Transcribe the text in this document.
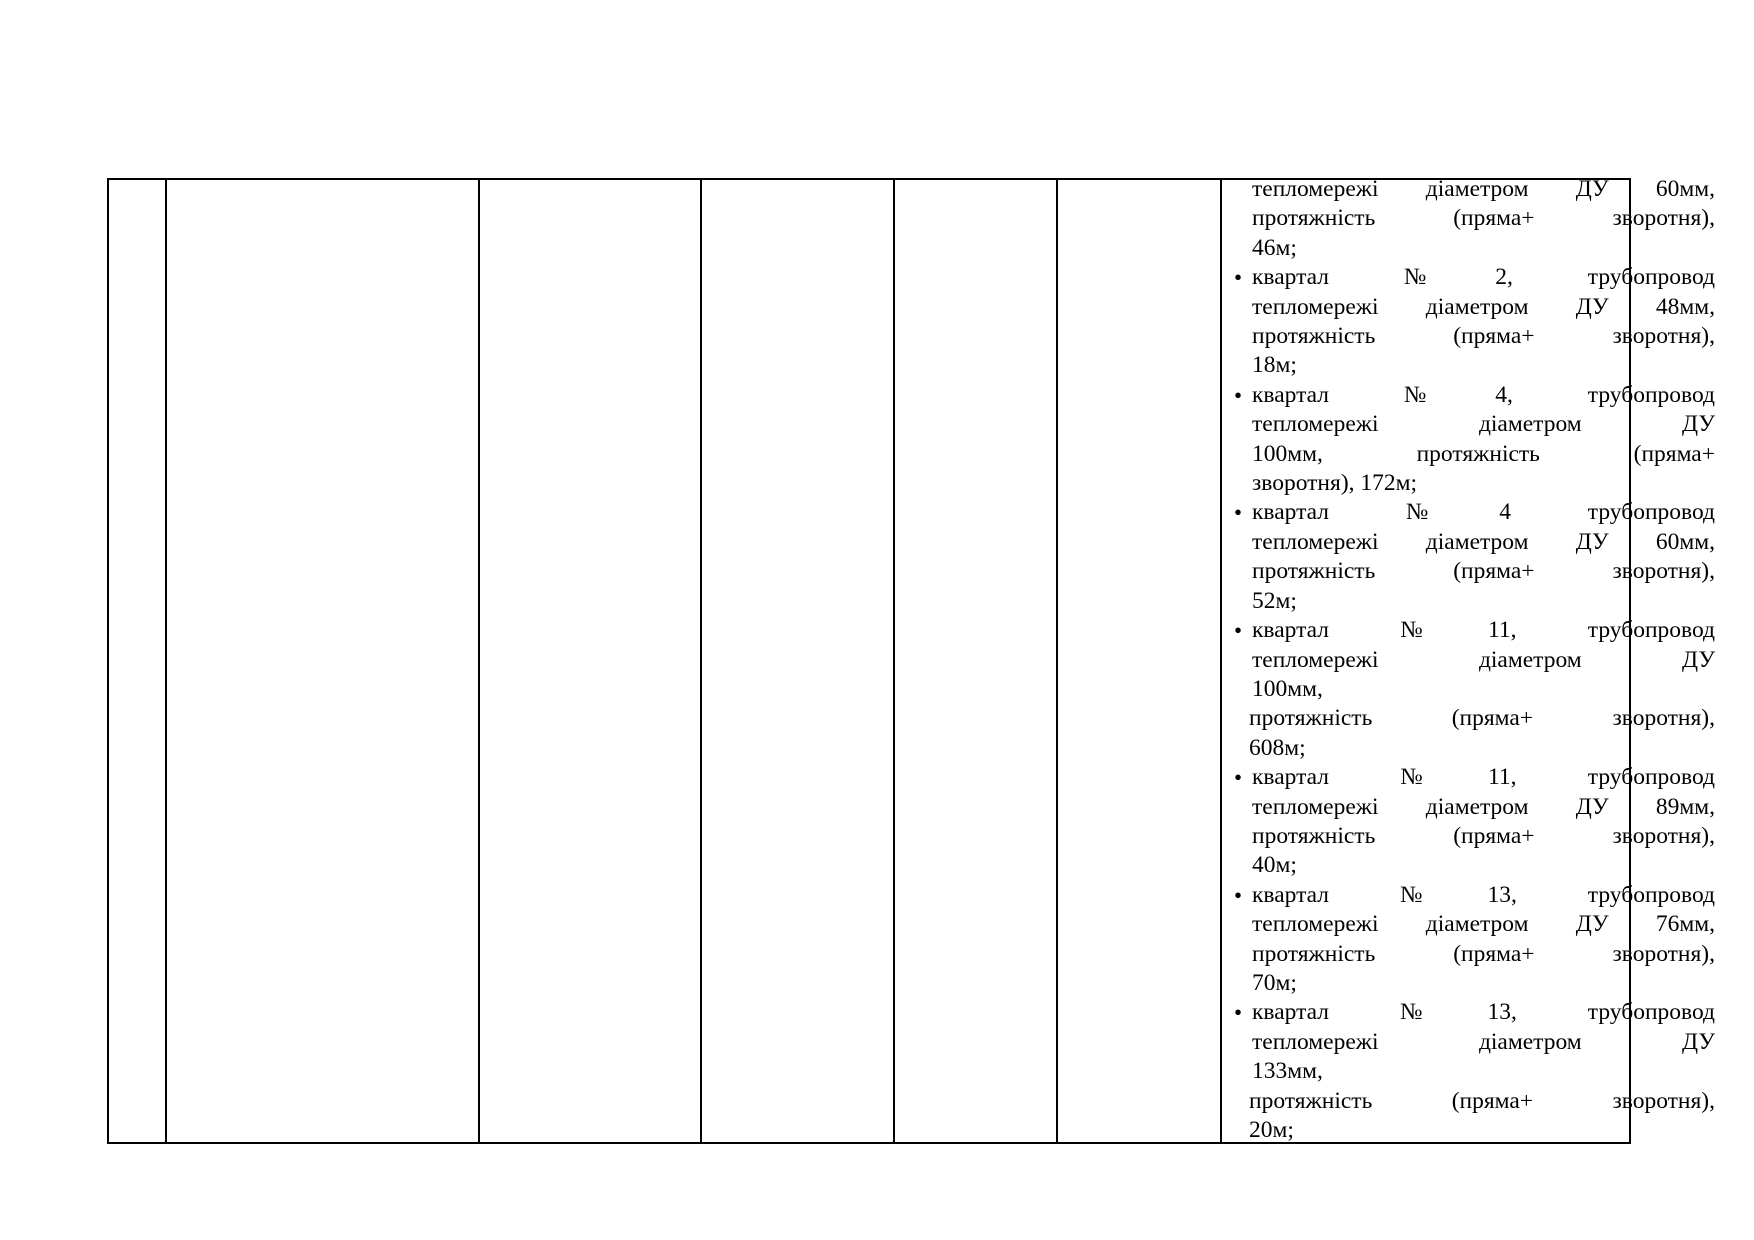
тепломережі діаметром ДУ 60мм,
протяжність (пряма+ зворотня),
46м;
• квартал №2, трубопровод
тепломережі діаметром ДУ 48мм,
протяжність (пряма+ зворотня),
18м;
• квартал №4, трубопровод
тепломережі діаметром ДУ
100мм, протяжність (пряма+
зворотня), 172м;
• квартал №4 трубопровод
тепломережі діаметром ДУ 60мм,
протяжність (пряма+ зворотня),
52м;
• квартал №11, трубопровод
тепломережі діаметром ДУ
100мм,
протяжність (пряма+ зворотня),
608м;
• квартал №11, трубопровод
тепломережі діаметром ДУ 89мм,
протяжність (пряма+ зворотня),
40м;
• квартал №13, трубопровод
тепломережі діаметром ДУ 76мм,
протяжність (пряма+ зворотня),
70м;
• квартал №13, трубопровод
тепломережі діаметром ДУ
133мм,
протяжність (пряма+ зворотня),
20м;
